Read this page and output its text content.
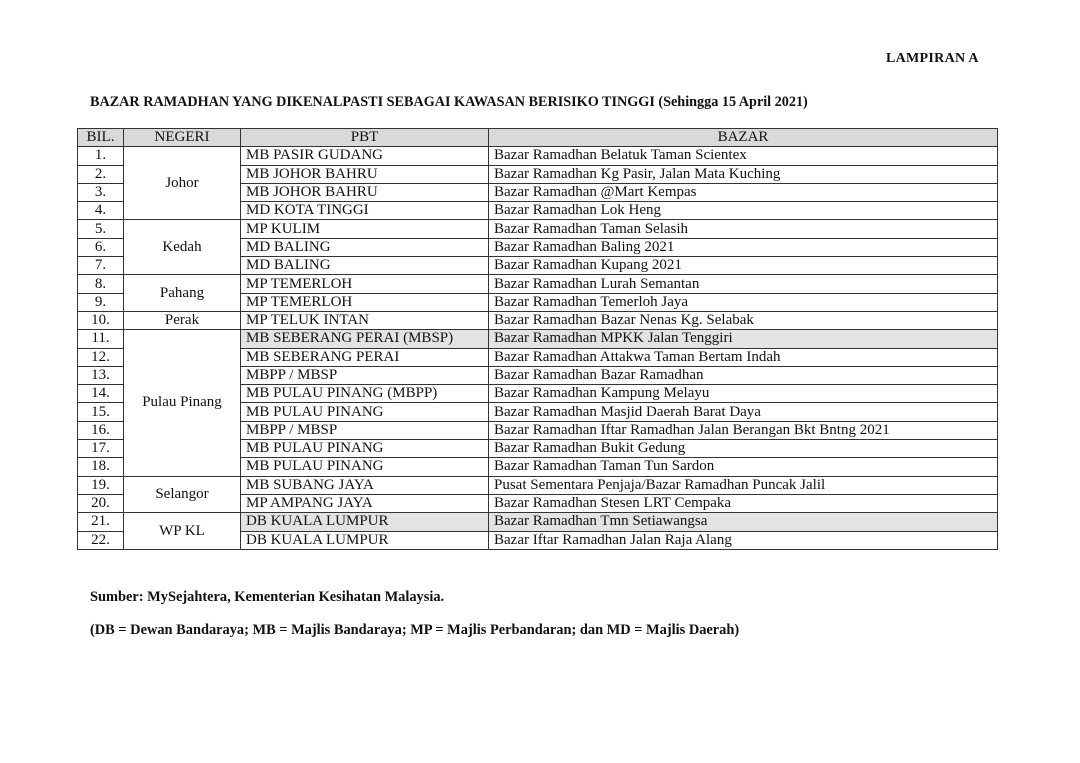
LAMPIRAN A
BAZAR RAMADHAN YANG DIKENALPASTI SEBAGAI KAWASAN BERISIKO TINGGI (Sehingga 15 April 2021)
BIL.	NEGERI	PBT	BAZAR
1.	Johor	MB PASIR GUDANG	Bazar Ramadhan Belatuk Taman Scientex
2.		MB JOHOR BAHRU	Bazar Ramadhan Kg Pasir, Jalan Mata Kuching
3.		MB JOHOR BAHRU	Bazar Ramadhan @Mart Kempas
4.		MD KOTA TINGGI	Bazar Ramadhan Lok Heng
5.	Kedah	MP KULIM	Bazar Ramadhan Taman Selasih
6.		MD BALING	Bazar Ramadhan Baling 2021
7.		MD BALING	Bazar Ramadhan Kupang 2021
8.	Pahang	MP TEMERLOH	Bazar Ramadhan Lurah Semantan
9.		MP TEMERLOH	Bazar Ramadhan Temerloh Jaya
10.	Perak	MP TELUK INTAN	Bazar Ramadhan Bazar Nenas Kg. Selabak
11.	Pulau Pinang	MB SEBERANG PERAI (MBSP)	Bazar Ramadhan MPKK Jalan Tenggiri
12.		MB SEBERANG PERAI	Bazar Ramadhan Attakwa Taman Bertam Indah
13.		MBPP / MBSP	Bazar Ramadhan Bazar Ramadhan
14.		MB PULAU PINANG (MBPP)	Bazar Ramadhan Kampung Melayu
15.		MB PULAU PINANG	Bazar Ramadhan Masjid Daerah Barat Daya
16.		MBPP / MBSP	Bazar Ramadhan Iftar Ramadhan Jalan Berangan Bkt Bntng 2021
17.		MB PULAU PINANG	Bazar Ramadhan Bukit Gedung
18.		MB PULAU PINANG	Bazar Ramadhan Taman Tun Sardon
19.	Selangor	MB SUBANG JAYA	Pusat Sementara Penjaja/Bazar Ramadhan Puncak Jalil
20.		MP AMPANG JAYA	Bazar Ramadhan Stesen LRT Cempaka
21.	WP KL	DB KUALA LUMPUR	Bazar Ramadhan Tmn Setiawangsa
22.		DB KUALA LUMPUR	Bazar Iftar Ramadhan Jalan Raja Alang
Sumber: MySejahtera, Kementerian Kesihatan Malaysia.
(DB = Dewan Bandaraya; MB = Majlis Bandaraya; MP = Majlis Perbandaran; dan MD = Majlis Daerah)
